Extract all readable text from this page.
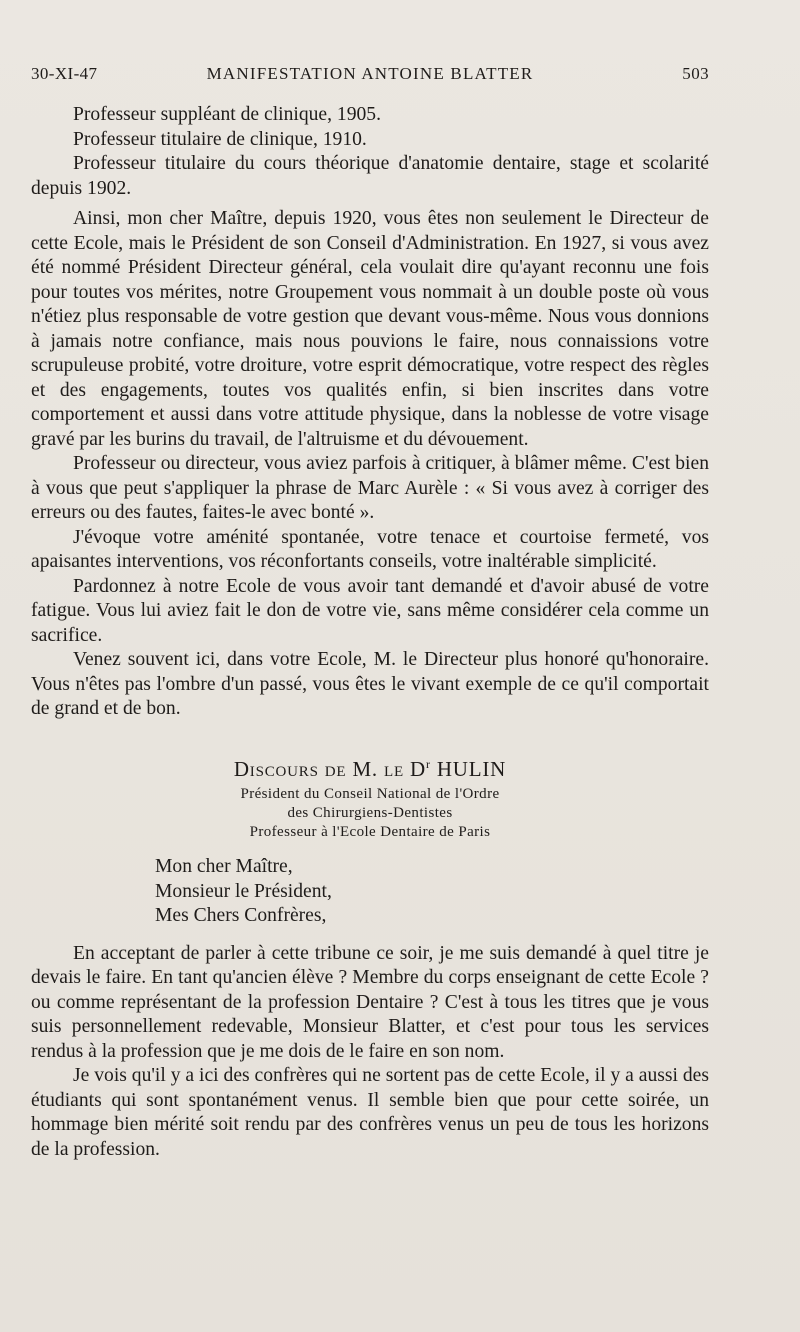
30-XI-47	MANIFESTATION ANTOINE BLATTER	503

Professeur suppléant de clinique, 1905.

Professeur titulaire de clinique, 1910.

Professeur titulaire du cours théorique d'anatomie dentaire, stage et scolarité depuis 1902.

Ainsi, mon cher Maître, depuis 1920, vous êtes non seulement le Directeur de cette Ecole, mais le Président de son Conseil d'Administration. En 1927, si vous avez été nommé Président Directeur général, cela voulait dire qu'ayant reconnu une fois pour toutes vos mérites, notre Groupement vous nommait à un double poste où vous n'étiez plus responsable de votre gestion que devant vous-même. Nous vous donnions à jamais notre confiance, mais nous pouvions le faire, nous connaissions votre scrupuleuse probité, votre droiture, votre esprit démocratique, votre respect des règles et des engagements, toutes vos qualités enfin, si bien inscrites dans votre comportement et aussi dans votre attitude physique, dans la noblesse de votre visage gravé par les burins du travail, de l'altruisme et du dévouement.

Professeur ou directeur, vous aviez parfois à critiquer, à blâmer même. C'est bien à vous que peut s'appliquer la phrase de Marc Aurèle : « Si vous avez à corriger des erreurs ou des fautes, faites-le avec bonté ».

J'évoque votre aménité spontanée, votre tenace et courtoise fermeté, vos apaisantes interventions, vos réconfortants conseils, votre inaltérable simplicité.

Pardonnez à notre Ecole de vous avoir tant demandé et d'avoir abusé de votre fatigue. Vous lui aviez fait le don de votre vie, sans même considérer cela comme un sacrifice.

Venez souvent ici, dans votre Ecole, M. le Directeur plus honoré qu'honoraire. Vous n'êtes pas l'ombre d'un passé, vous êtes le vivant exemple de ce qu'il comportait de grand et de bon.

Discours de M. le $D^r$ HULIN
Président du Conseil National de l'Ordre
des Chirurgiens-Dentistes
Professeur à l'Ecole Dentaire de Paris
Mon cher Maître,
Monsieur le Président,
Mes Chers Confrères,

En acceptant de parler à cette tribune ce soir, je me suis demandé à quel titre je devais le faire. En tant qu'ancien élève ? Membre du corps enseignant de cette Ecole ? ou comme représentant de la profession Dentaire ? C'est à tous les titres que je vous suis personnellement redevable, Monsieur Blatter, et c'est pour tous les services rendus à la profession que je me dois de le faire en son nom.

Je vois qu'il y a ici des confrères qui ne sortent pas de cette Ecole, il y a aussi des étudiants qui sont spontanément venus. Il semble bien que pour cette soirée, un hommage bien mérité soit rendu par des confrères venus un peu de tous les horizons de la profession.
